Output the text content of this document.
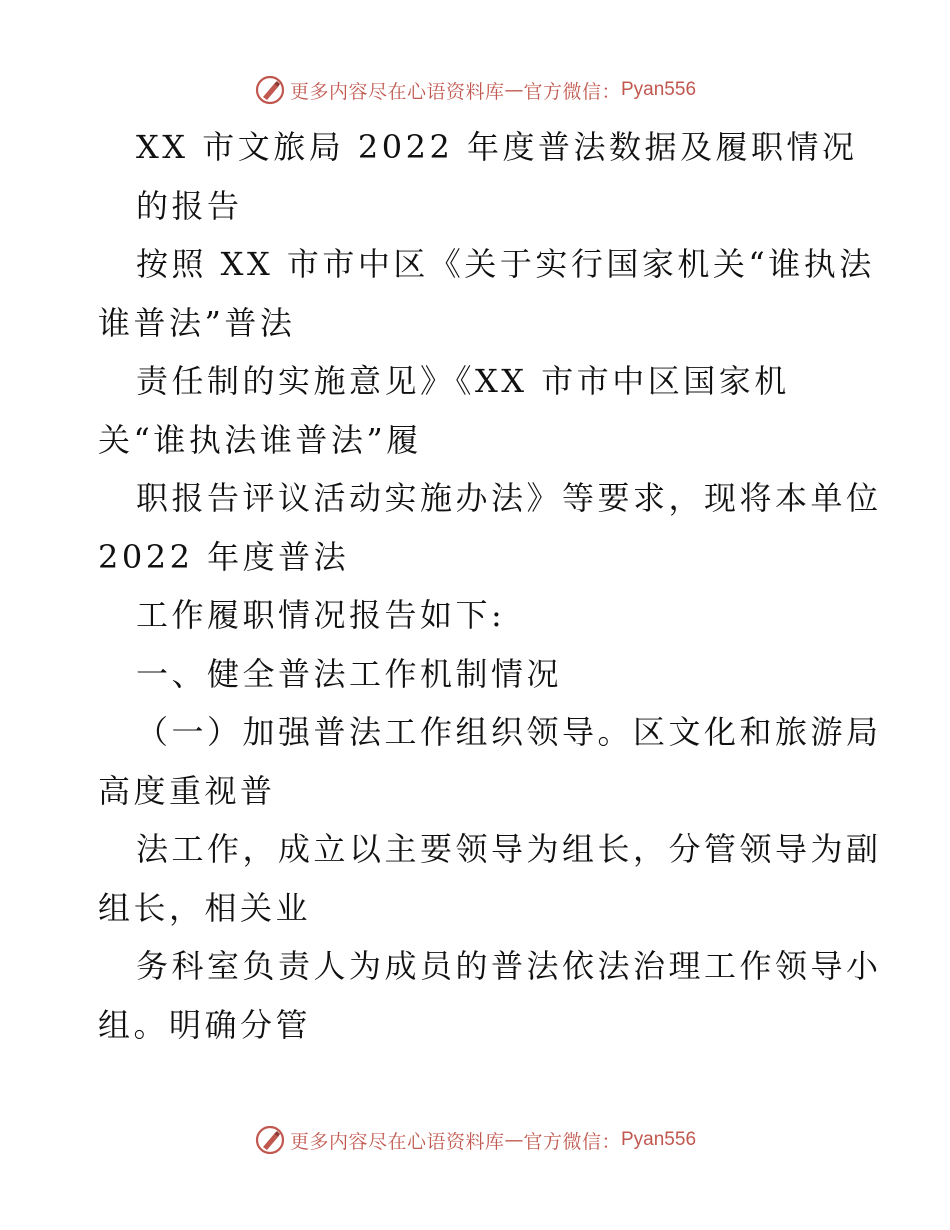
更多内容尽在心语资料库 — 官方微信： Pyan556
XX 市文旅局 2022 年度普法数据及履职情况
的报告
按照 XX 市市中区《关于实行国家机关“谁执法
谁普法”普法
责任制的实施意见》《XX 市市中区国家机
关“谁执法谁普法”履
职报告评议活动实施办法》等要求，现将本单位
2022 年度普法
工作履职情况报告如下:
一、健全普法工作机制情况
（一）加强普法工作组织领导。区文化和旅游局
高度重视普
法工作，成立以主要领导为组长，分管领导为副
组长，相关业
务科室负责人为成员的普法依法治理工作领导小
组。明确分管
更多内容尽在心语资料库 — 官方微信： Pyan556
